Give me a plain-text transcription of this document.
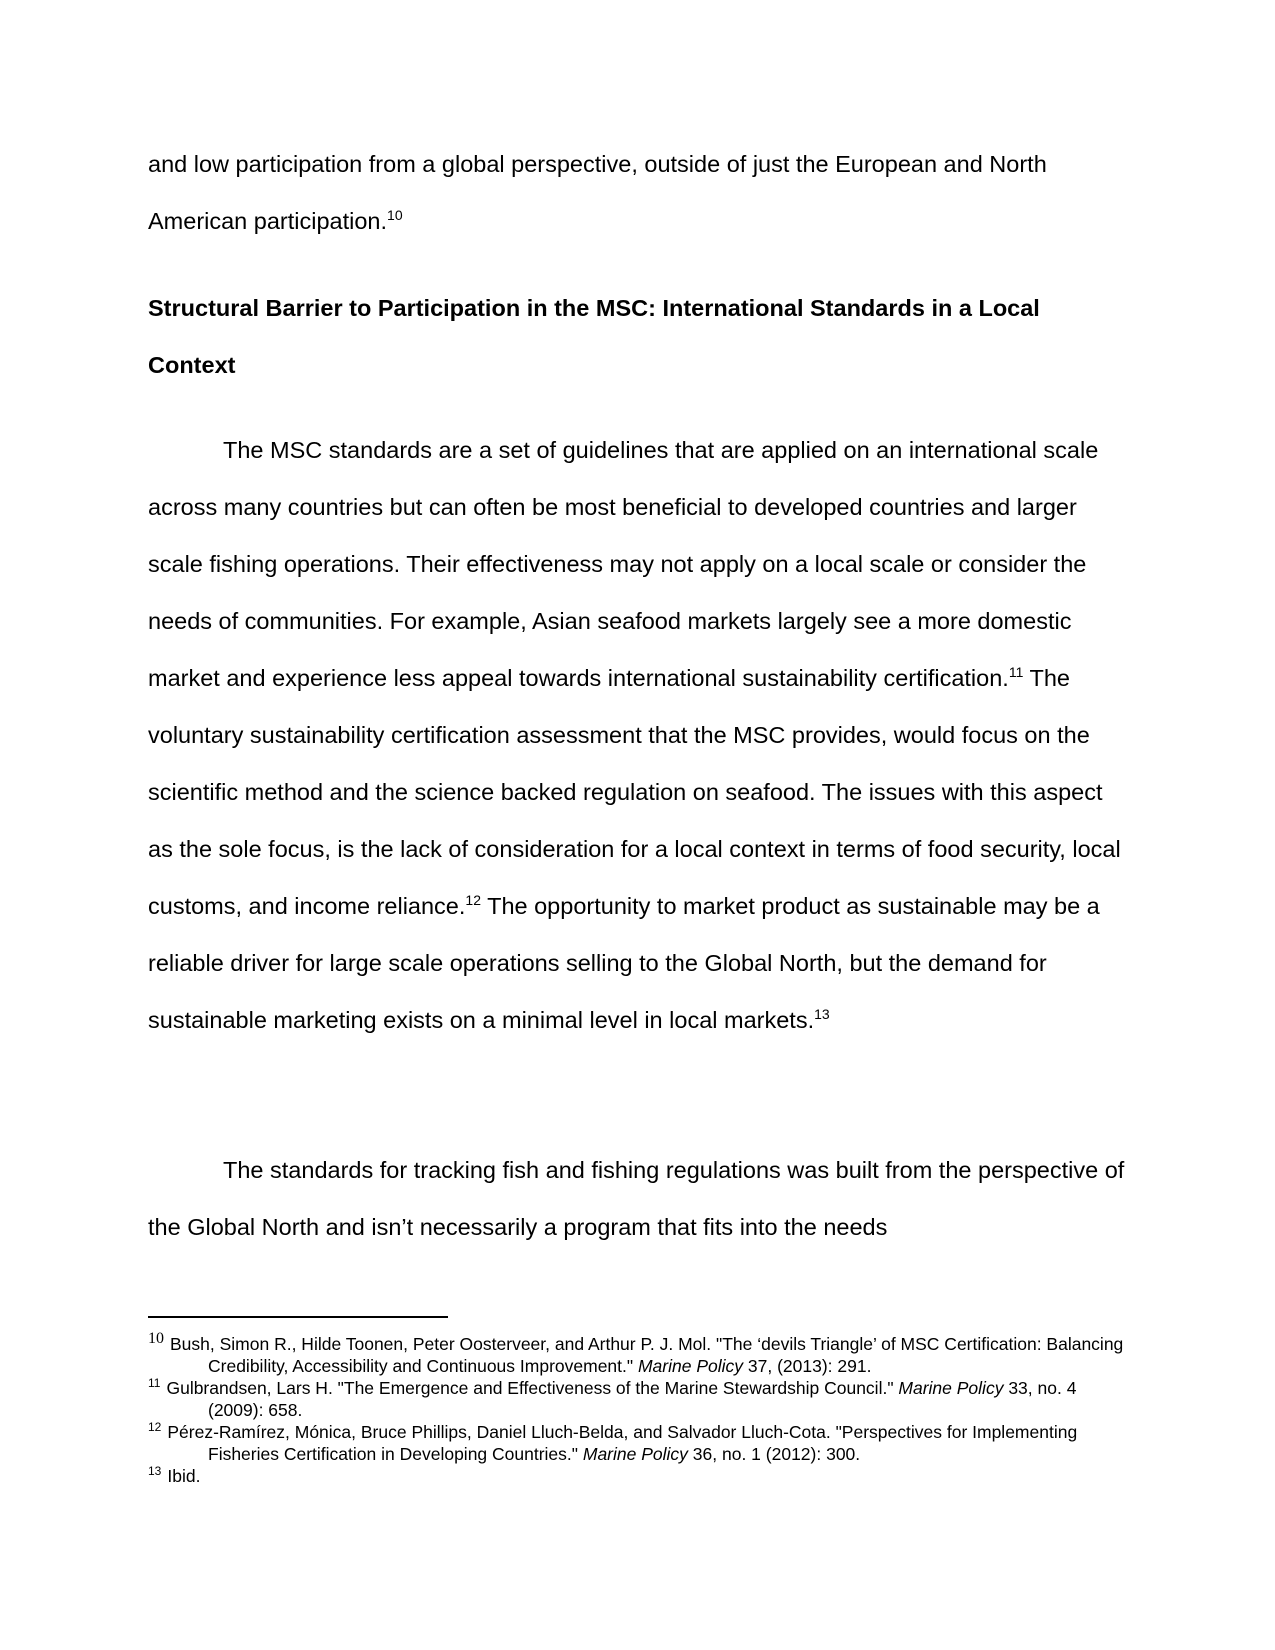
and low participation from a global perspective, outside of just the European and North American participation.$^{10}$
Structural Barrier to Participation in the MSC: International Standards in a Local Context
The MSC standards are a set of guidelines that are applied on an international scale across many countries but can often be most beneficial to developed countries and larger scale fishing operations. Their effectiveness may not apply on a local scale or consider the needs of communities. For example, Asian seafood markets largely see a more domestic market and experience less appeal towards international sustainability certification.$^{11}$ The voluntary sustainability certification assessment that the MSC provides, would focus on the scientific method and the science backed regulation on seafood. The issues with this aspect as the sole focus, is the lack of consideration for a local context in terms of food security, local customs, and income reliance.$^{12}$ The opportunity to market product as sustainable may be a reliable driver for large scale operations selling to the Global North, but the demand for sustainable marketing exists on a minimal level in local markets.$^{13}$
The standards for tracking fish and fishing regulations was built from the perspective of the Global North and isn’t necessarily a program that fits into the needs

$^{10}$ Bush, Simon R., Hilde Toonen, Peter Oosterveer, and Arthur P. J. Mol. "The ‘devils Triangle’ of MSC Certification: Balancing Credibility, Accessibility and Continuous Improvement." Marine Policy 37, (2013): 291.

$^{11}$ Gulbrandsen, Lars H. "The Emergence and Effectiveness of the Marine Stewardship Council." Marine Policy 33, no. 4 (2009): 658.

$^{12}$ Pérez-Ramírez, Mónica, Bruce Phillips, Daniel Lluch-Belda, and Salvador Lluch-Cota. "Perspectives for Implementing Fisheries Certification in Developing Countries." Marine Policy 36, no. 1 (2012): 300.

$^{13}$ Ibid.
